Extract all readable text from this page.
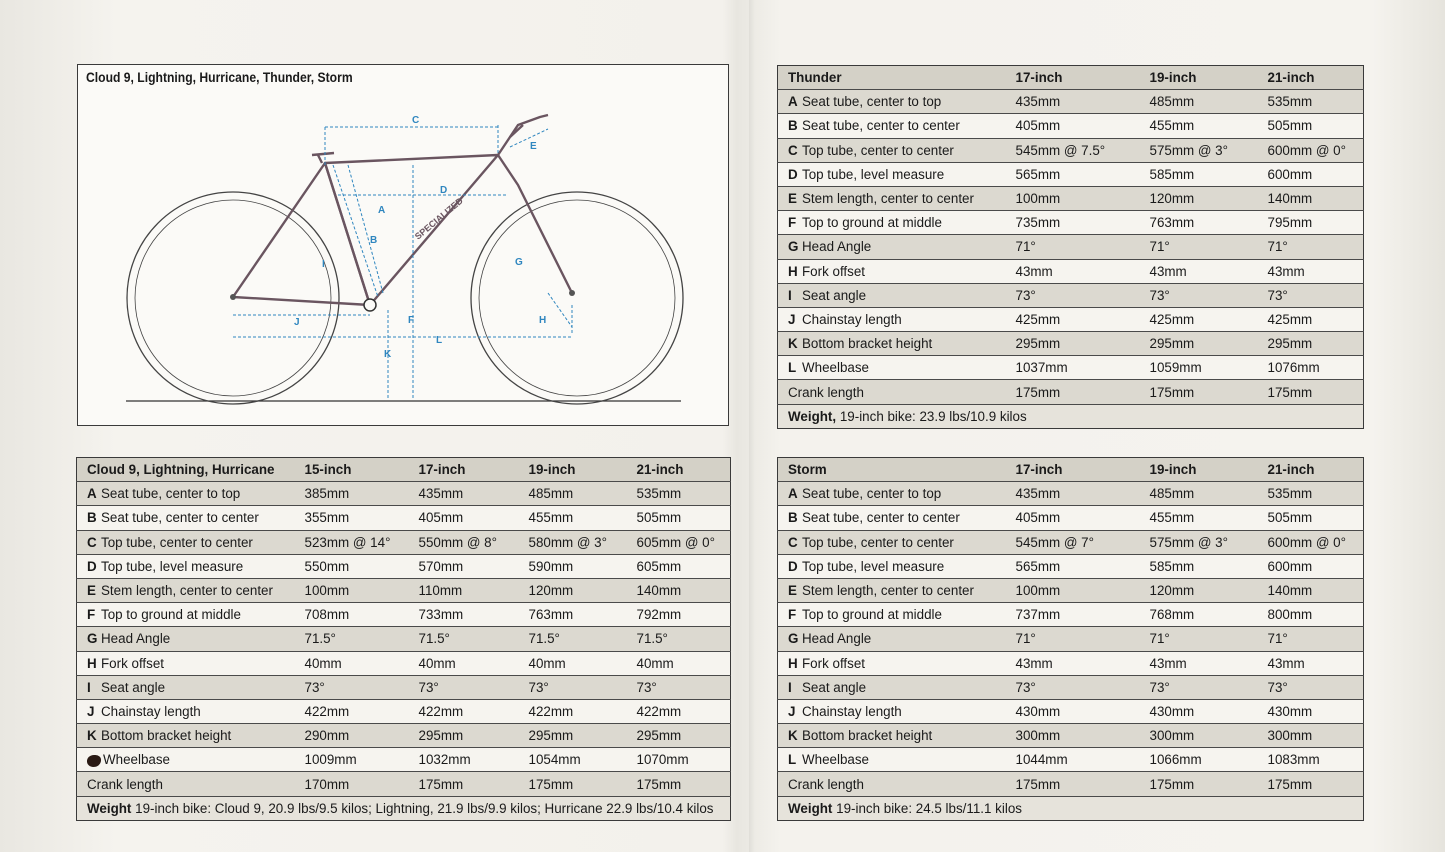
SPECIALIZED
C
D
A
B
I
F
K
J
L
E
G
H
Cloud 9, Lightning, Hurricane, Thunder, Storm	Thunder	17-inch	19-inch	21-inch
A Seat tube, center to top	435mm	485mm	535mm
B Seat tube, center to center	405mm	455mm	505mm
C Top tube, center to center	545mm @ 7.5°	575mm @ 3°	600mm @ 0°
D Top tube, level measure	565mm	585mm	600mm
E Stem length, center to center	100mm	120mm	140mm
F Top to ground at middle	735mm	763mm	795mm
G Head Angle	71°	71°	71°
H Fork offset	43mm	43mm	43mm
I Seat angle	73°	73°	73°
J Chainstay length	425mm	425mm	425mm
K Bottom bracket height	295mm	295mm	295mm
L Wheelbase	1037mm	1059mm	1076mm
Crank length	175mm	175mm	175mm
Weight, 19-inch bike: 23.9 lbs/10.9 kilos			
Cloud 9, Lightning, Hurricane	15-inch	17-inch	19-inch	21-inch
A Seat tube, center to top	385mm	435mm	485mm	535mm
B Seat tube, center to center	355mm	405mm	455mm	505mm
C Top tube, center to center	523mm @ 14°	550mm @ 8°	580mm @ 3°	605mm @ 0°
D Top tube, level measure	550mm	570mm	590mm	605mm
E Stem length, center to center	100mm	110mm	120mm	140mm
F Top to ground at middle	708mm	733mm	763mm	792mm
G Head Angle	71.5°	71.5°	71.5°	71.5°
H Fork offset	40mm	40mm	40mm	40mm
I Seat angle	73°	73°	73°	73°
J Chainstay length	422mm	422mm	422mm	422mm
K Bottom bracket height	290mm	295mm	295mm	295mm
Wheelbase	1009mm	1032mm	1054mm	1070mm
Crank length	170mm	175mm	175mm	175mm
Weight 19-inch bike: Cloud 9, 20.9 lbs/9.5 kilos; Lightning, 21.9 lbs/9.9 kilos; Hurricane 22.9 lbs/10.4 kilos				
Storm	17-inch	19-inch	21-inch
A Seat tube, center to top	435mm	485mm	535mm
B Seat tube, center to center	405mm	455mm	505mm
C Top tube, center to center	545mm @ 7°	575mm @ 3°	600mm @ 0°
D Top tube, level measure	565mm	585mm	600mm
E Stem length, center to center	100mm	120mm	140mm
F Top to ground at middle	737mm	768mm	800mm
G Head Angle	71°	71°	71°
H Fork offset	43mm	43mm	43mm
I Seat angle	73°	73°	73°
J Chainstay length	430mm	430mm	430mm
K Bottom bracket height	300mm	300mm	300mm
L Wheelbase	1044mm	1066mm	1083mm
Crank length	175mm	175mm	175mm
Weight 19-inch bike: 24.5 lbs/11.1 kilos			
